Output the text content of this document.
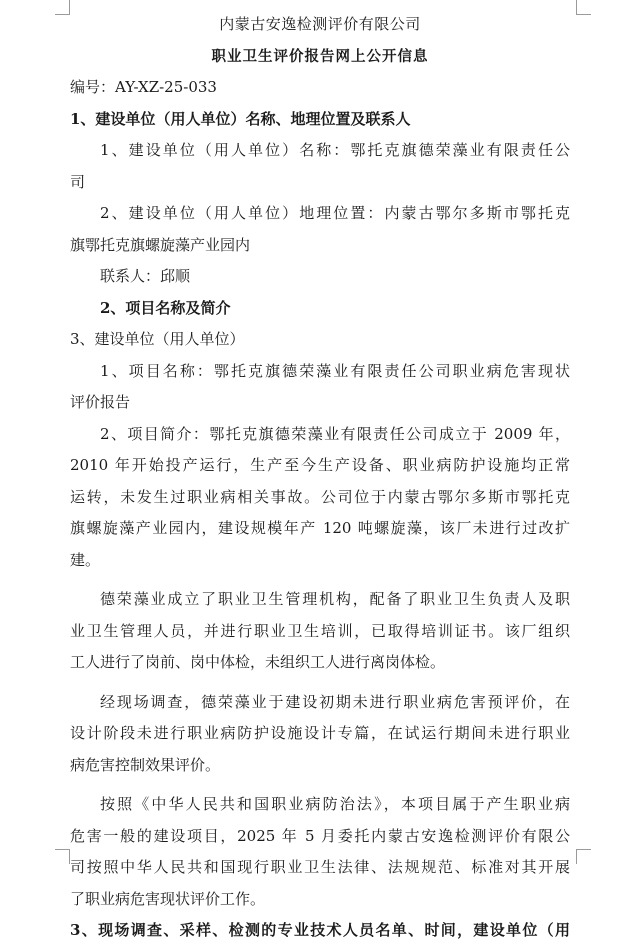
内蒙古安逸检测评价有限公司
职业卫生评价报告网上公开信息
编号：AY-XZ-25-033
1、建设单位（用人单位）名称、地理位置及联系人
1、建设单位（用人单位）名称：鄂托克旗德荣藻业有限责任公
司
2、建设单位（用人单位）地理位置：内蒙古鄂尔多斯市鄂托克
旗鄂托克旗螺旋藻产业园内
联系人：邱顺
2、项目名称及简介
3、建设单位（用人单位）
1、项目名称：鄂托克旗德荣藻业有限责任公司职业病危害现状
评价报告
2、项目简介：鄂托克旗德荣藻业有限责任公司成立于 2009 年，
2010 年开始投产运行，生产至今生产设备、职业病防护设施均正常
运转，未发生过职业病相关事故。公司位于内蒙古鄂尔多斯市鄂托克
旗螺旋藻产业园内，建设规模年产 120 吨螺旋藻，该厂未进行过改扩
建。
德荣藻业成立了职业卫生管理机构，配备了职业卫生负责人及职
业卫生管理人员，并进行职业卫生培训，已取得培训证书。该厂组织
工人进行了岗前、岗中体检，未组织工人进行离岗体检。
经现场调查，德荣藻业于建设初期未进行职业病危害预评价，在
设计阶段未进行职业病防护设施设计专篇，在试运行期间未进行职业
病危害控制效果评价。
按照《中华人民共和国职业病防治法》，本项目属于产生职业病
危害一般的建设项目，2025 年 5 月委托内蒙古安逸检测评价有限公
司按照中华人民共和国现行职业卫生法律、法规规范、标准对其开展
了职业病危害现状评价工作。
3、现场调查、采样、检测的专业技术人员名单、时间，建设单位（用
